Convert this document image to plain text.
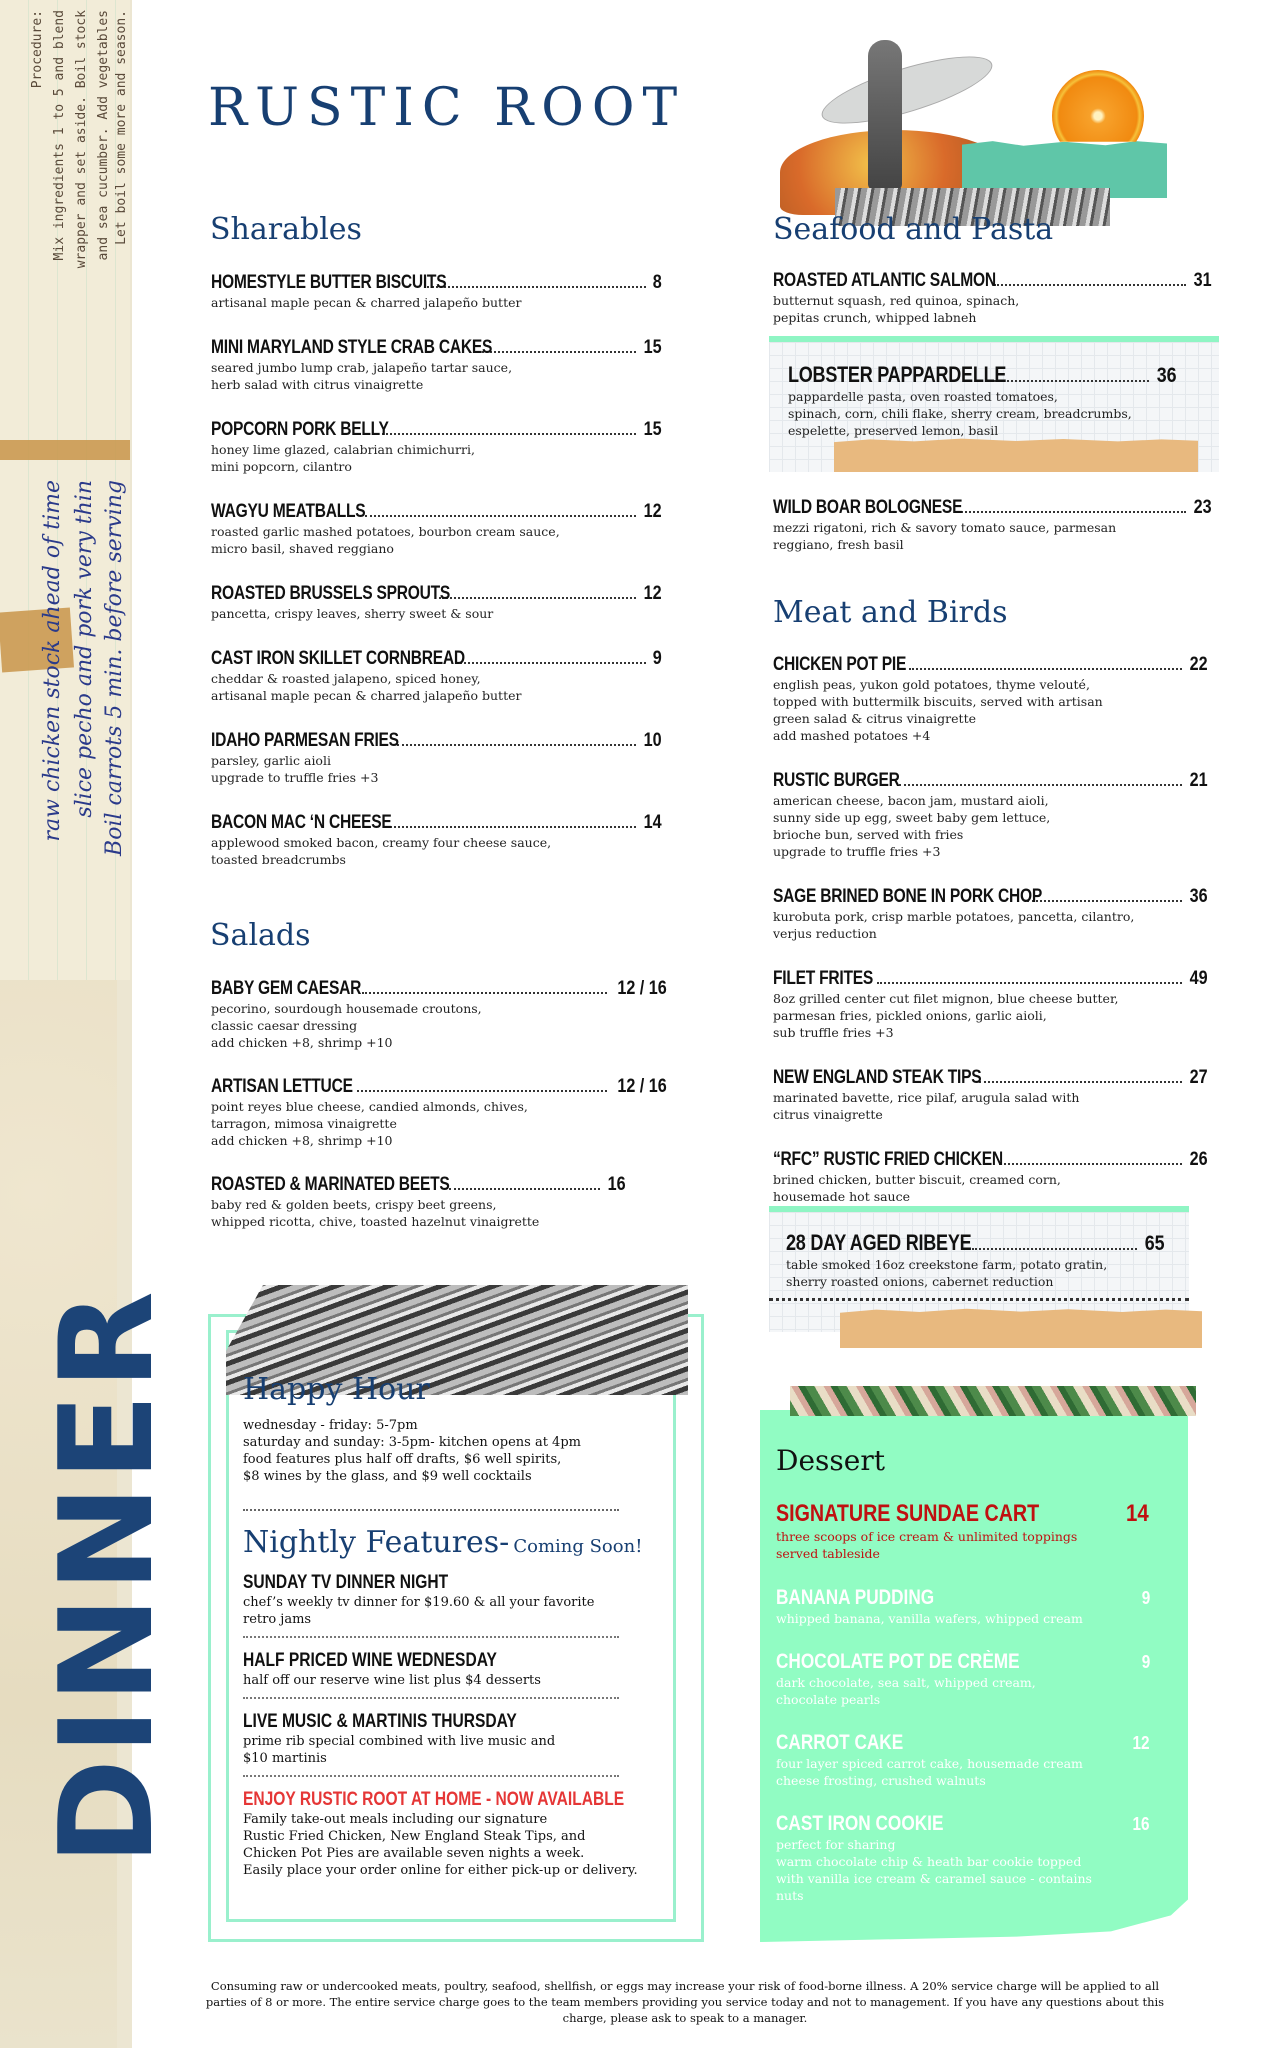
Procedure: Mix ingredients 1 to 5 and blend wrapper and set aside. Boil stock and sea cucumber. Add vegetables Let boil some more and season.
raw chicken stock ahead of time slice pecho and pork very thin Boil carrots 5 min. before serving
DINNER
RUSTIC ROOT
Sharables
HOMESTYLE BUTTER BISCUITS	8
artisanal maple pecan & charred jalapeño butter
MINI MARYLAND STYLE CRAB CAKES	15
seared jumbo lump crab, jalapeño tartar sauce,
herb salad with citrus vinaigrette
POPCORN PORK BELLY	15
honey lime glazed, calabrian chimichurri,
mini popcorn, cilantro
WAGYU MEATBALLS	12
roasted garlic mashed potatoes, bourbon cream sauce,
micro basil, shaved reggiano
ROASTED BRUSSELS SPROUTS	12
pancetta, crispy leaves, sherry sweet & sour
CAST IRON SKILLET CORNBREAD	9
cheddar & roasted jalapeno, spiced honey,
artisanal maple pecan & charred jalapeño butter
IDAHO PARMESAN FRIES	10
parsley, garlic aioli
upgrade to truffle fries +3
BACON MAC ‘N CHEESE	14
applewood smoked bacon, creamy four cheese sauce,
toasted breadcrumbs
Salads
BABY GEM CAESAR	12 / 16
pecorino, sourdough housemade croutons,
classic caesar dressing
add chicken +8, shrimp +10
ARTISAN LETTUCE	12 / 16
point reyes blue cheese, candied almonds, chives,
tarragon, mimosa vinaigrette
add chicken +8, shrimp +10
ROASTED & MARINATED BEETS	16
baby red & golden beets, crispy beet greens,
whipped ricotta, chive, toasted hazelnut vinaigrette
Seafood and Pasta
ROASTED ATLANTIC SALMON	31
butternut squash, red quinoa, spinach,
pepitas crunch, whipped labneh
LOBSTER PAPPARDELLE	36
pappardelle pasta, oven roasted tomatoes,
spinach, corn, chili flake, sherry cream, breadcrumbs,
espelette, preserved lemon, basil
WILD BOAR BOLOGNESE	23
mezzi rigatoni, rich & savory tomato sauce, parmesan
reggiano, fresh basil
Meat and Birds
CHICKEN POT PIE	22
english peas, yukon gold potatoes, thyme velouté,
topped with buttermilk biscuits, served with artisan
green salad & citrus vinaigrette
add mashed potatoes +4
RUSTIC BURGER	21
american cheese, bacon jam, mustard aioli,
sunny side up egg, sweet baby gem lettuce,
brioche bun, served with fries
upgrade to truffle fries +3
SAGE BRINED BONE IN PORK CHOP	36
kurobuta pork, crisp marble potatoes, pancetta, cilantro,
verjus reduction
FILET FRITES	49
8oz grilled center cut filet mignon, blue cheese butter,
parmesan fries, pickled onions, garlic aioli,
sub truffle fries +3
NEW ENGLAND STEAK TIPS	27
marinated bavette, rice pilaf, arugula salad with
citrus vinaigrette
“RFC” RUSTIC FRIED CHICKEN	26
brined chicken, butter biscuit, creamed corn,
housemade hot sauce
28 DAY AGED RIBEYE	65
table smoked 16oz creekstone farm, potato gratin,
sherry roasted onions, cabernet reduction
Happy Hour
wednesday - friday: 5-7pm
saturday and sunday: 3-5pm- kitchen opens at 4pm
food features plus half off drafts, $6 well spirits,
$8 wines by the glass, and $9 well cocktails
Nightly Features- Coming Soon!
SUNDAY TV DINNER NIGHT
chef’s weekly tv dinner for $19.60 & all your favorite
retro jams
HALF PRICED WINE WEDNESDAY
half off our reserve wine list plus $4 desserts
LIVE MUSIC & MARTINIS THURSDAY
prime rib special combined with live music and
$10 martinis
ENJOY RUSTIC ROOT AT HOME - NOW AVAILABLE
Family take-out meals including our signature
Rustic Fried Chicken, New England Steak Tips, and
Chicken Pot Pies are available seven nights a week.
Easily place your order online for either pick-up or delivery.
Dessert
SIGNATURE SUNDAE CART	14
three scoops of ice cream & unlimited toppings
served tableside
BANANA PUDDING	9
whipped banana, vanilla wafers, whipped cream
CHOCOLATE POT DE CRÈME	9
dark chocolate, sea salt, whipped cream,
chocolate pearls
CARROT CAKE	12
four layer spiced carrot cake, housemade cream
cheese frosting, crushed walnuts
CAST IRON COOKIE	16
perfect for sharing
warm chocolate chip & heath bar cookie topped
with vanilla ice cream & caramel sauce - contains
nuts
Consuming raw or undercooked meats, poultry, seafood, shellfish, or eggs may increase your risk of food-borne illness. A 20% service charge will be applied to all
parties of 8 or more. The entire service charge goes to the team members providing you service today and not to management. If you have any questions about this
charge, please ask to speak to a manager.
